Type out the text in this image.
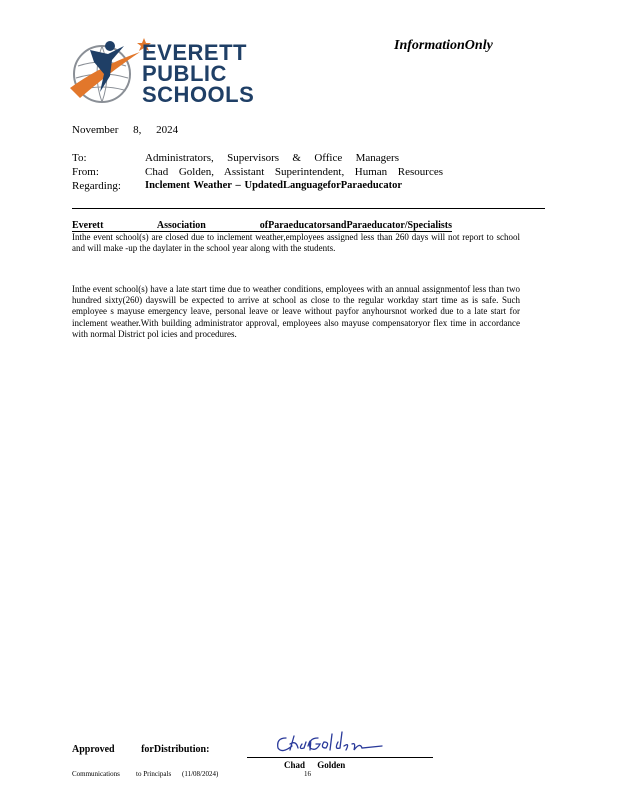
EVERETT
PUBLIC
SCHOOLS
InformationOnly
November 8, 2024
To:	Administrators, Supervisors & Office Managers
From:	Chad Golden, Assistant Superintendent, Human Resources
Regarding: Inclement Weather – UpdatedLanguageforParaeducator
Everett Association ofParaeducatorsandParaeducator/Specialists
Inthe event school(s) are closed due to inclement weather,employees assigned less than 260 days will not report to school and will make -up the daylater in the school year along with the students.
Inthe event school(s) have a late start time due to weather conditions, employees with an annual assignmentof less than two hundred sixty(260) dayswill be expected to arrive at school as close to the regular workday start time as is safe. Such employee s mayuse emergency leave, personal leave or leave without payfor anyhoursnot worked due to a late start for inclement weather.With building administrator approval, employees also mayuse compensatoryor flex time in accordance with normal District pol icies and procedures.
Approved forDistribution:
Chad Golden
Communications to Principals (11/08/2024)	16
